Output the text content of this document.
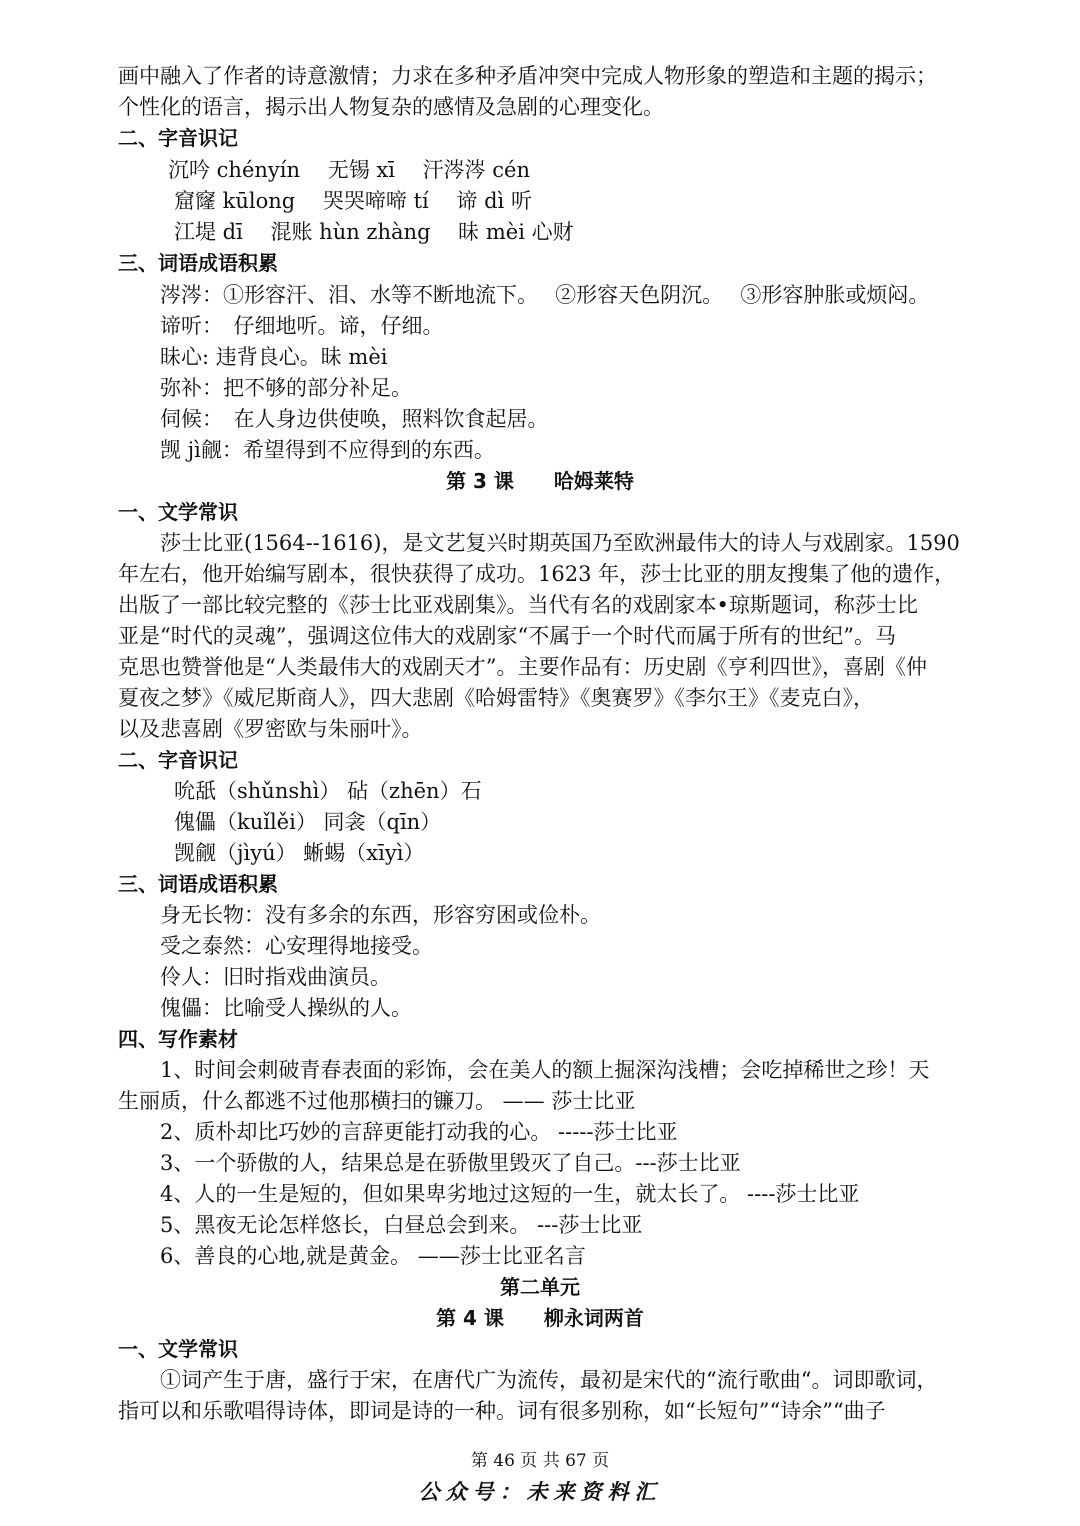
画中融入了作者的诗意激情；力求在多种矛盾冲突中完成人物形象的塑造和主题的揭示；
个性化的语言，揭示出人物复杂的感情及急剧的心理变化。
二、字音识记
沉吟 chényín　 无锡 xī　 汗涔涔 cén
窟窿 kūlong　 哭哭啼啼 tí　 谛 dì 听
江堤 dī　 混账 hùn zhàng　 昧 mèi 心财
三、词语成语积累
涔涔：①形容汗、泪、水等不断地流下。　 ②形容天色阴沉。　 ③形容肿胀或烦闷。
谛听：　仔细地听。谛，仔细。
昧心: 违背良心。昧 mèi
弥补：把不够的部分补足。
伺候：　在人身边供使唤，照料饮食起居。
觊 jì觎：希望得到不应得到的东西。
第 3 课　　哈姆莱特
一、文学常识
莎士比亚(1564--1616)，是文艺复兴时期英国乃至欧洲最伟大的诗人与戏剧家。1590
年左右，他开始编写剧本，很快获得了成功。1623 年，莎士比亚的朋友搜集了他的遗作，
出版了一部比较完整的《莎士比亚戏剧集》。当代有名的戏剧家本•琼斯题词，称莎士比
亚是“时代的灵魂”，强调这位伟大的戏剧家“不属于一个时代而属于所有的世纪”。马
克思也赞誉他是“人类最伟大的戏剧天才”。主要作品有：历史剧《亨利四世》，喜剧《仲
夏夜之梦》《威尼斯商人》，四大悲剧《哈姆雷特》《奥赛罗》《李尔王》《麦克白》，
以及悲喜剧《罗密欧与朱丽叶》。
二、字音识记
吮舐（shǔnshì） 砧（zhēn）石
傀儡（kuǐlěi） 同衾（qīn）
觊觎（jìyú） 蜥蜴（xīyì）
三、词语成语积累
身无长物：没有多余的东西，形容穷困或俭朴。
受之泰然：心安理得地接受。
伶人：旧时指戏曲演员。
傀儡：比喻受人操纵的人。
四、写作素材
1、时间会刺破青春表面的彩饰，会在美人的额上掘深沟浅槽；会吃掉稀世之珍！天
生丽质，什么都逃不过他那横扫的镰刀。 —— 莎士比亚
2、质朴却比巧妙的言辞更能打动我的心。 -----莎士比亚
3、一个骄傲的人，结果总是在骄傲里毁灭了自己。---莎士比亚
4、人的一生是短的，但如果卑劣地过这短的一生，就太长了。 ----莎士比亚
5、黑夜无论怎样悠长，白昼总会到来。 ---莎士比亚
6、善良的心地,就是黄金。 ——莎士比亚名言
第二单元
第 4 课　　柳永词两首
一、文学常识
①词产生于唐，盛行于宋，在唐代广为流传，最初是宋代的“流行歌曲“。词即歌词，
指可以和乐歌唱得诗体，即词是诗的一种。词有很多别称，如“长短句”“诗余”“曲子
第 46 页 共 67 页
公众号：未来资料汇
